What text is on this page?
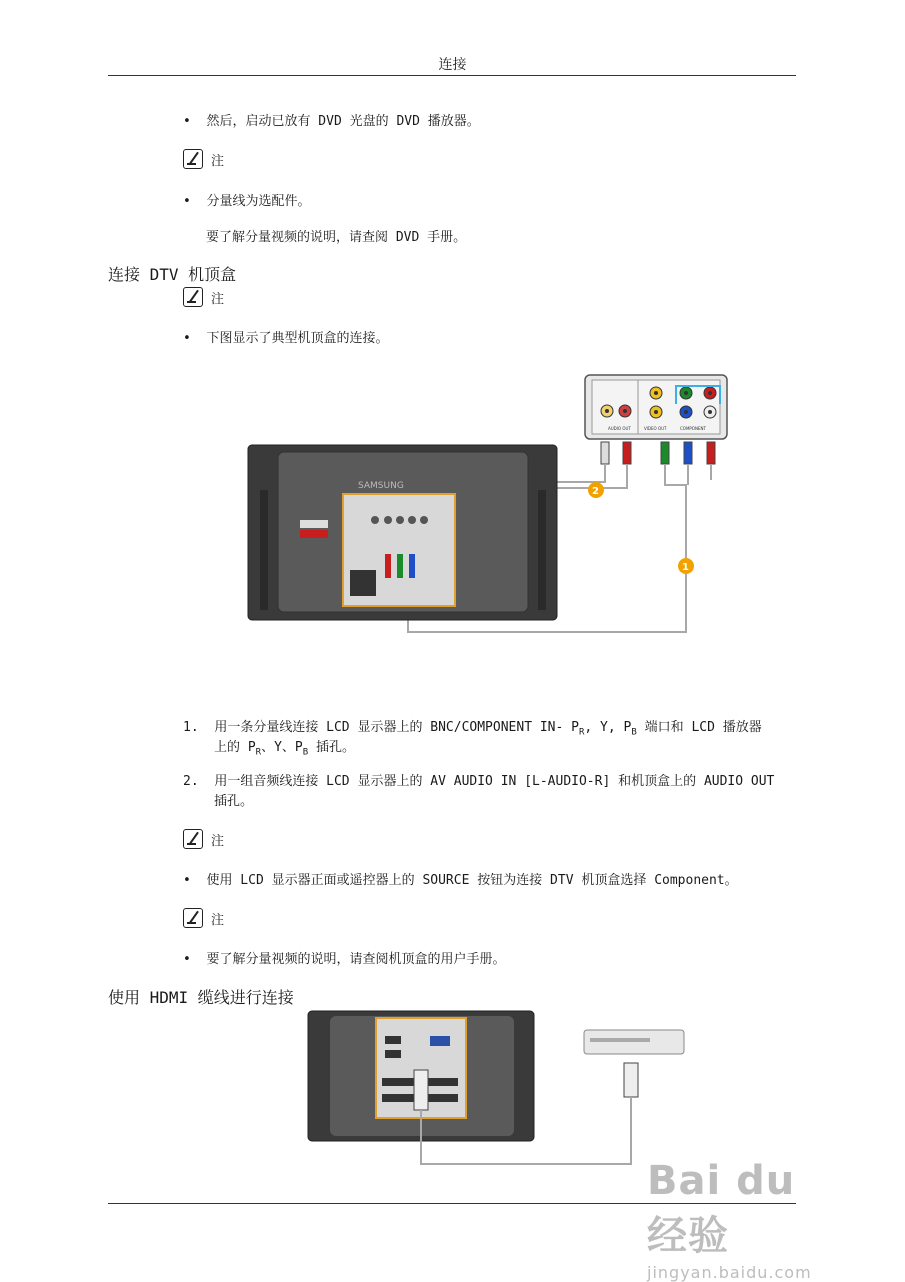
连接
•  然后，启动已放有 DVD 光盘的 DVD 播放器。
注
•  分量线为选配件。
要了解分量视频的说明，请查阅 DVD 手册。
连接 DTV 机顶盒
注
•  下图显示了典型机顶盒的连接。
AUDIO OUT	VIDEO OUT	COMPONENT
SAMSUNG	2
1
1. 用一条分量线连接 LCD 显示器上的 BNC/COMPONENT IN- $P_R$, Y, $P_B$ 端口和 LCD 播放器
上的 $P_R$、Y、$P_B$ 插孔。
2. 用一组音频线连接 LCD 显示器上的 AV AUDIO IN [L-AUDIO-R] 和机顶盒上的 AUDIO OUT
插孔。
注
•  使用 LCD 显示器正面或遥控器上的 SOURCE 按钮为连接 DTV 机顶盒选择 Component。
注
•  要了解分量视频的说明，请查阅机顶盒的用户手册。
使用 HDMI 缆线进行连接
Bai du 经验
jingyan.baidu.com
